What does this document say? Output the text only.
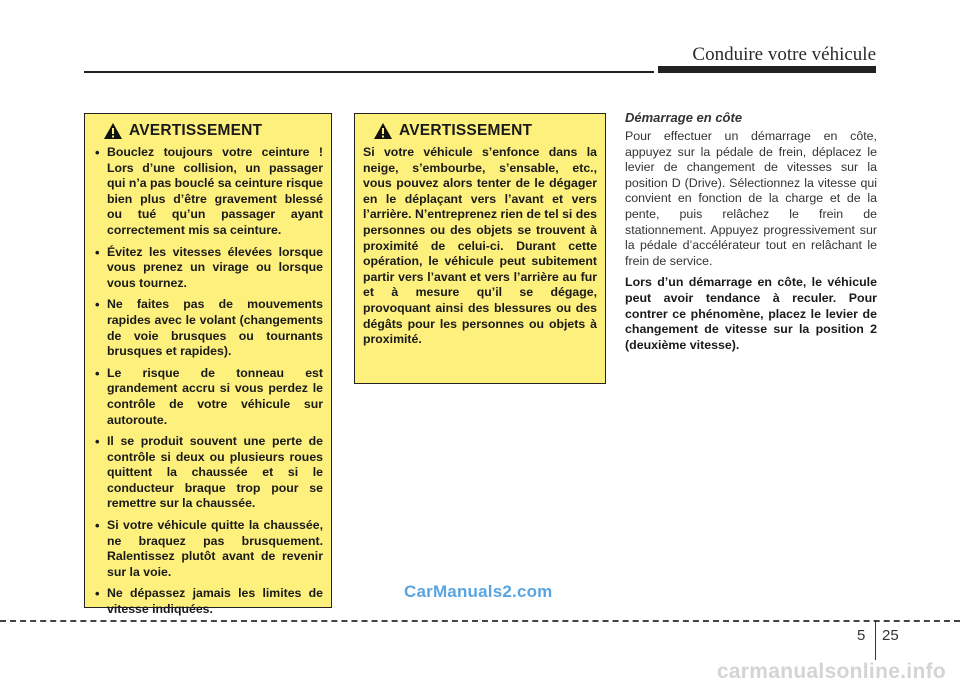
Conduire votre véhicule
AVERTISSEMENT
• Bouclez toujours votre ceinture ! Lors d’une collision, un passager qui n’a pas bouclé sa ceinture risque bien plus d’être gravement blessé ou tué qu’un passager ayant correctement mis sa ceinture.
• Évitez les vitesses élevées lorsque vous prenez un virage ou lorsque vous tournez.
• Ne faites pas de mouvements rapides avec le volant (changements de voie brusques ou tournants brusques et rapides).
• Le risque de tonneau est grandement accru si vous perdez le contrôle de votre véhicule sur autoroute.
• Il se produit souvent une perte de contrôle si deux ou plusieurs roues quittent la chaussée et si le conducteur braque trop pour se remettre sur la chaussée.
• Si votre véhicule quitte la chaussée, ne braquez pas brusquement. Ralentissez plutôt avant de revenir sur la voie.
• Ne dépassez jamais les limites de vitesse indiquées.
AVERTISSEMENT

Si votre véhicule s’enfonce dans la neige, s’embourbe, s’ensable, etc., vous pouvez alors tenter de le dégager en le déplaçant vers l’avant et vers l’arrière. N’entreprenez rien de tel si des personnes ou des objets se trouvent à proximité de celui-ci. Durant cette opération, le véhicule peut subitement partir vers l’avant et vers l’arrière au fur et à mesure qu’il se dégage, provoquant ainsi des blessures ou des dégâts pour les personnes ou objets à proximité.

Démarrage en côte

Pour effectuer un démarrage en côte, appuyez sur la pédale de frein, déplacez le levier de changement de vitesses sur la position D (Drive). Sélectionnez la vitesse qui convient en fonction de la charge et de la pente, puis relâchez le frein de stationnement. Appuyez progressivement sur la pédale d’accélérateur tout en relâchant le frein de service.

Lors d’un démarrage en côte, le véhicule peut avoir tendance à reculer. Pour contrer ce phénomène, placez le levier de changement de vitesse sur la position 2 (deuxième vitesse).

CarManuals2.com
5 25
carmanualsonline.info
